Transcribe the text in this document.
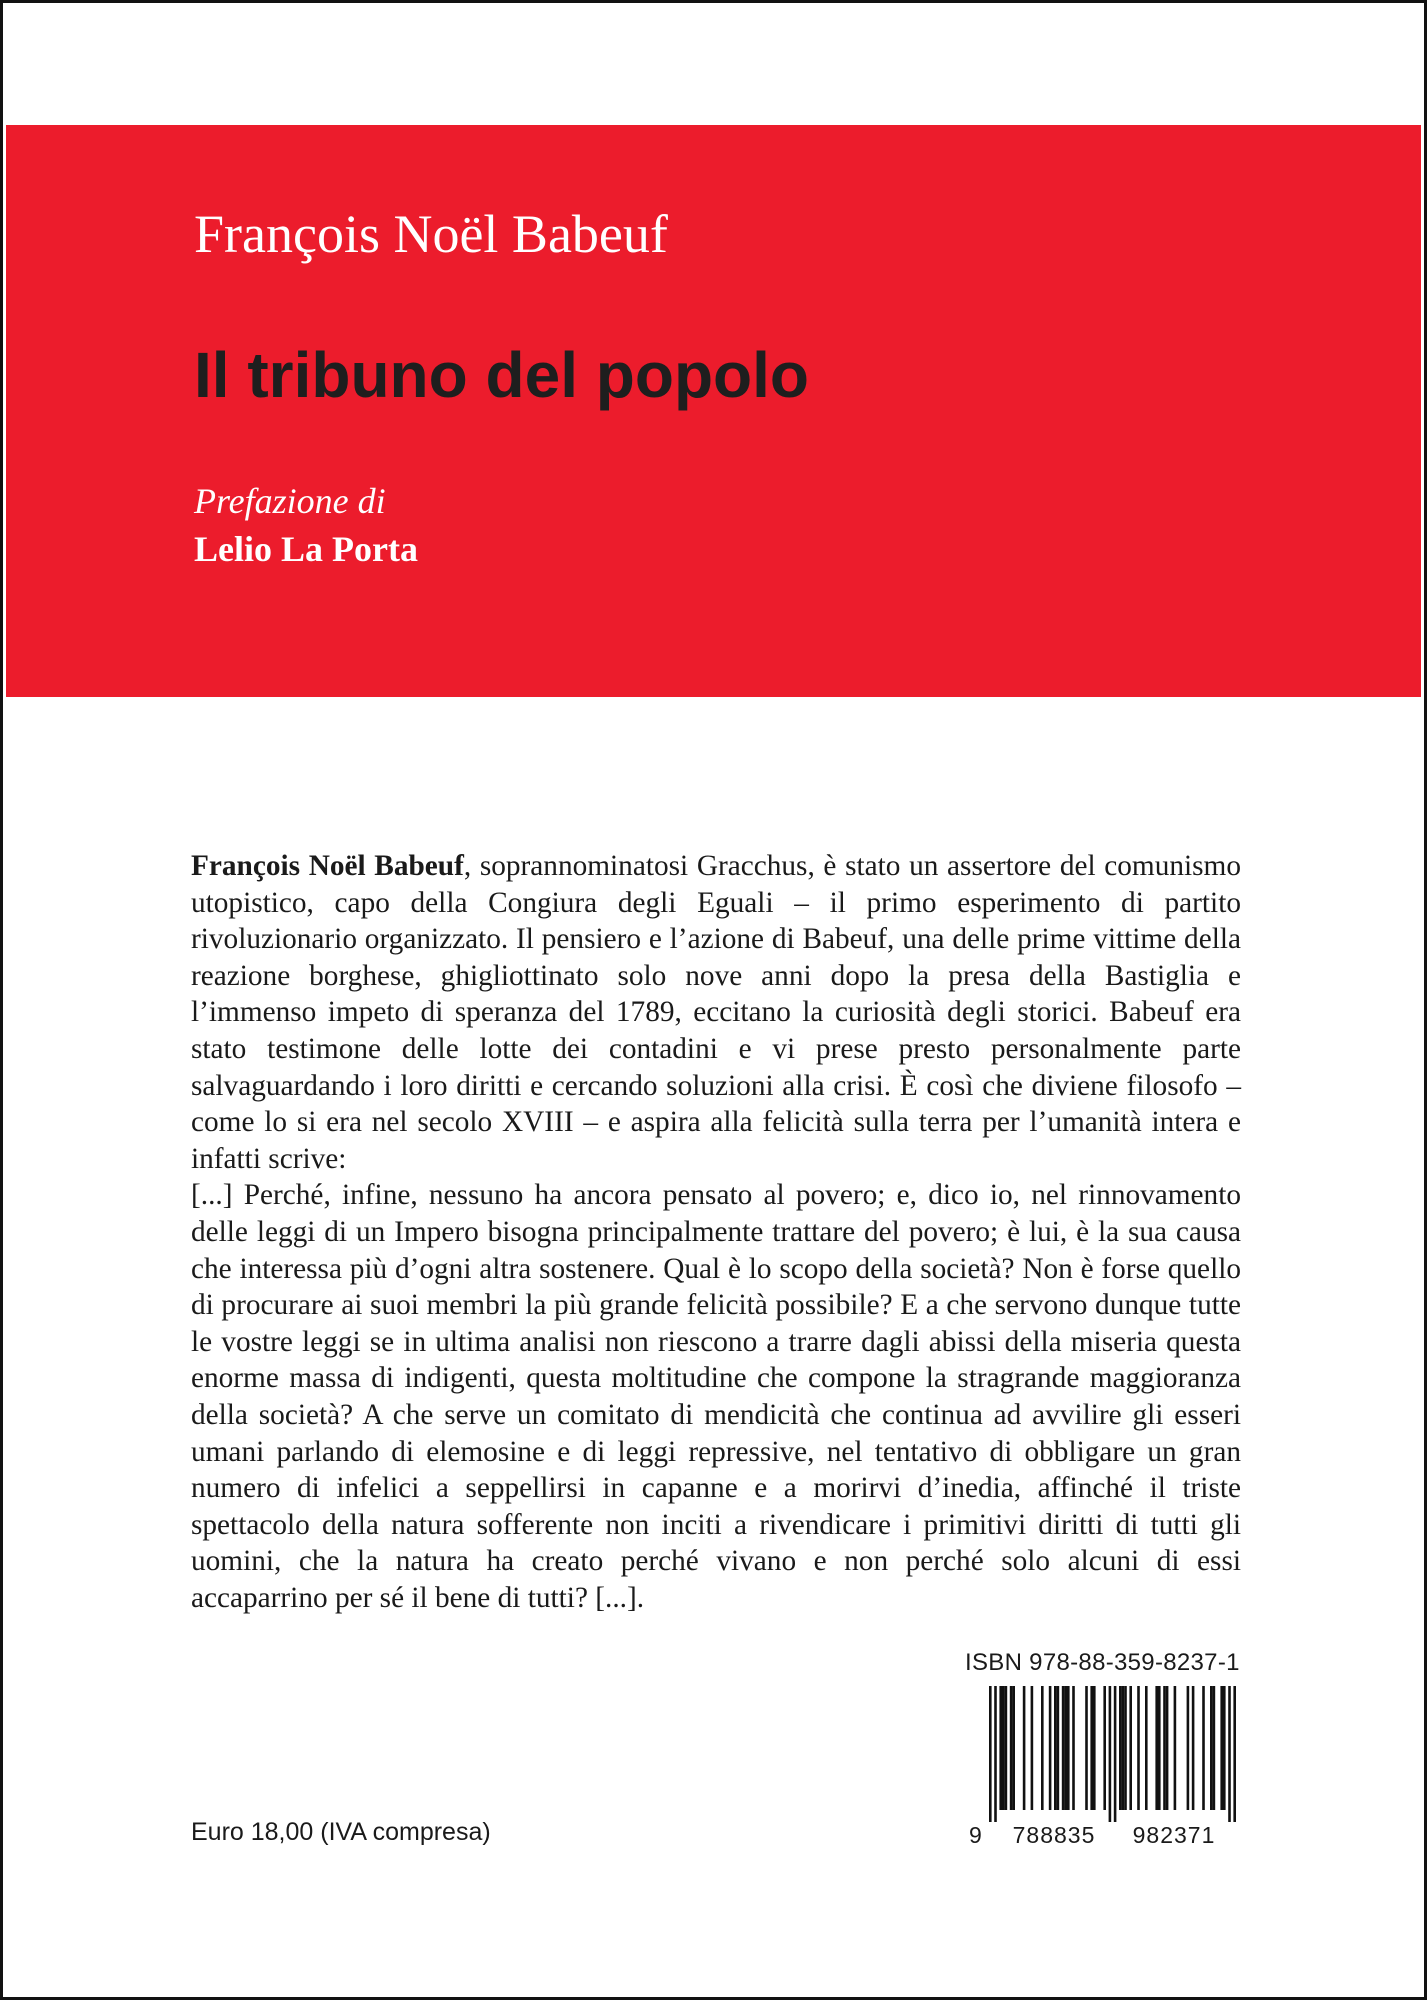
François Noël Babeuf
Il tribuno del popolo
Prefazione di
Lelio La Porta

François Noël Babeuf, soprannominatosi Gracchus, è stato un assertore del comunismo utopistico, capo della Congiura degli Eguali – il primo esperimento di partito rivoluzionario organizzato. Il pensiero e l’azione di Babeuf, una delle prime vittime della reazione borghese, ghigliottinato solo nove anni dopo la presa della Bastiglia e l’immenso impeto di speranza del 1789, eccitano la curiosità degli storici. Babeuf era stato testimone delle lotte dei contadini e vi prese presto personalmente parte salvaguardando i loro diritti e cercando soluzioni alla crisi. È così che diviene filosofo – come lo si era nel secolo XVIII – e aspira alla felicità sulla terra per l’umanità intera e infatti scrive:

[...] Perché, infine, nessuno ha ancora pensato al povero; e, dico io, nel rinnovamento delle leggi di un Impero bisogna principalmente trattare del povero; è lui, è la sua causa che interessa più d’ogni altra sostenere. Qual è lo scopo della società? Non è forse quello di procurare ai suoi membri la più grande felicità possibile? E a che servono dunque tutte le vostre leggi se in ultima analisi non riescono a trarre dagli abissi della miseria questa enorme massa di indigenti, questa moltitudine che compone la stragrande maggioranza della società? A che serve un comitato di mendicità che continua ad avvilire gli esseri umani parlando di elemosine e di leggi repressive, nel tentativo di obbligare un gran numero di infelici a seppellirsi in capanne e a morirvi d’inedia, affinché il triste spettacolo della natura sofferente non inciti a rivendicare i primitivi diritti di tutti gli uomini, che la natura ha creato perché vivano e non perché solo alcuni di essi accaparrino per sé il bene di tutti? [...].

ISBN 978-88-359-8237-1
9	788835	982371
Euro 18,00 (IVA compresa)
